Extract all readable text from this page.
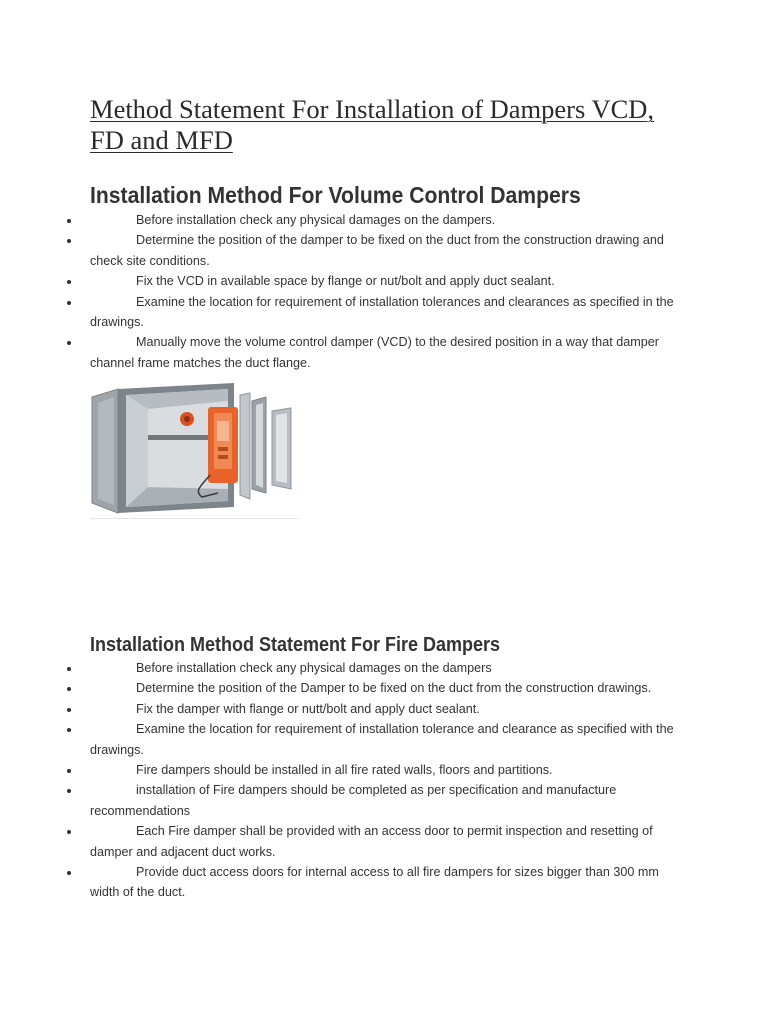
Method Statement For Installation of Dampers VCD, FD and MFD
Installation Method For Volume Control Dampers
Before installation check any physical damages on the dampers.
Determine the position of the damper to be fixed on the duct from the construction drawing and check site conditions.
Fix the VCD in available space by flange or nut/bolt and apply duct sealant.
Examine the location for requirement of installation tolerances and clearances as specified in the drawings.
Manually move the volume control damper (VCD) to the desired position in a way that damper channel frame matches the duct flange.
Installation Method Statement For Fire Dampers
Before installation check any physical damages on the dampers
Determine the position of the Damper to be fixed on the duct from the construction drawings.
Fix the damper with flange or nutt/bolt and apply duct sealant.
Examine the location for requirement of installation tolerance and clearance as specified with the drawings.
Fire dampers should be installed in all fire rated walls, floors and partitions.
installation of Fire dampers should be completed as per specification and manufacture recommendations
Each Fire damper shall be provided with an access door to permit inspection and resetting of damper and adjacent duct works.
Provide duct access doors for internal access to all fire dampers for sizes bigger than 300 mm width of the duct.
